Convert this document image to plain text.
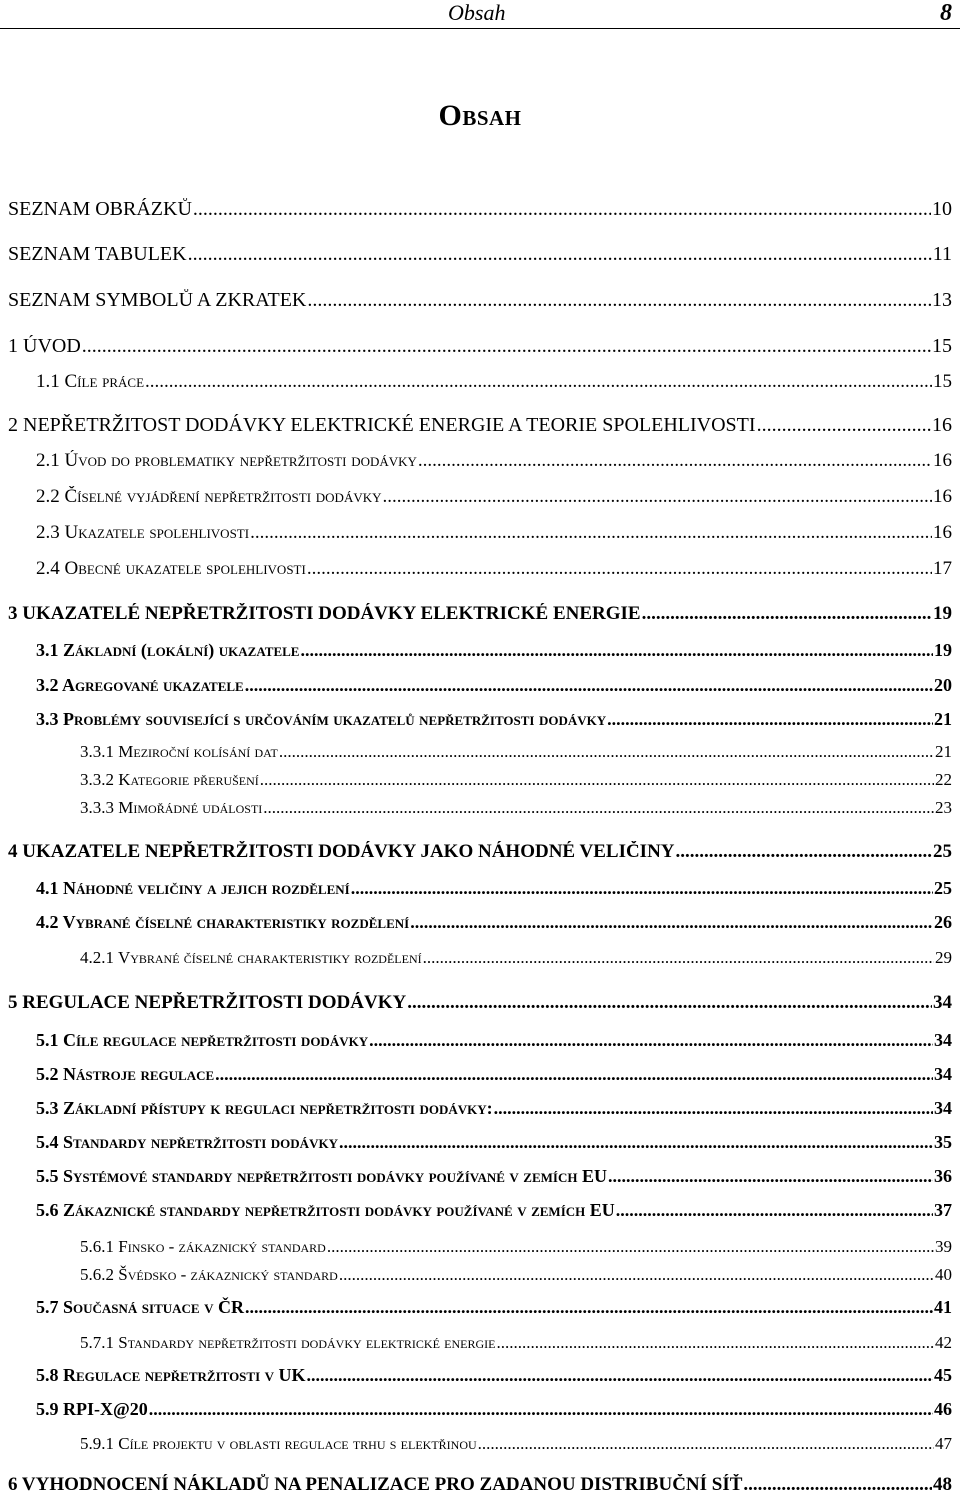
Obsah	8
Obsah
SEZNAM OBRÁZKŮ .....	10
SEZNAM TABULEK .....	11
SEZNAM SYMBOLŮ A ZKRATEK .....	13
1 ÚVOD .....	15
1.1 Cíle práce .....	15
2 NEPŘETRŽITOST DODÁVKY ELEKTRICKÉ ENERGIE A TEORIE SPOLEHLIVOSTI .....	16
2.1 Úvod do problematiky nepřetržitosti dodávky .....	16
2.2 Číselné vyjádření nepřetržitosti dodávky .....	16
2.3 Ukazatele spolehlivosti .....	16
2.4 Obecné ukazatele spolehlivosti .....	17
3 UKAZATELÉ NEPŘETRŽITOSTI DODÁVKY ELEKTRICKÉ ENERGIE .....	19
3.1 Základní (lokální) ukazatele .....	19
3.2 Agregované ukazatele .....	20
3.3 Problémy související s určováním ukazatelů nepřetržitosti dodávky .....	21
3.3.1 Meziroční kolísání dat .....	21
3.3.2 Kategorie přerušení .....	22
3.3.3 Mimořádné události .....	23
4 UKAZATELE NEPŘETRŽITOSTI DODÁVKY JAKO NÁHODNÉ VELIČINY .....	25
4.1 Náhodné veličiny a jejich rozdělení .....	25
4.2 Vybrané číselné charakteristiky rozdělení .....	26
4.2.1 Vybrané číselné charakteristiky rozdělení .....	29
5 REGULACE NEPŘETRŽITOSTI DODÁVKY .....	34
5.1 Cíle regulace nepřetržitosti dodávky .....	34
5.2 Nástroje regulace .....	34
5.3 Základní přístupy k regulaci nepřetržitosti dodávky: .....	34
5.4 Standardy nepřetržitosti dodávky .....	35
5.5 Systémové standardy nepřetržitosti dodávky používané v zemích EU .....	36
5.6 Zákaznické standardy nepřetržitosti dodávky používané v zemích EU .....	37
5.6.1 Finsko - zákaznický standard .....	39
5.6.2 Švédsko - zákaznický standard .....	40
5.7 Současná situace v ČR .....	41
5.7.1 Standardy nepřetržitosti dodávky elektrické energie .....	42
5.8 Regulace nepřetržitosti v UK .....	45
5.9 RPI-X@20 .....	46
5.9.1 Cíle projektu v oblasti regulace trhu s elektřinou .....	47
6 VYHODNOCENÍ NÁKLADŮ NA PENALIZACE PRO ZADANOU DISTRIBUČNÍ SÍŤ .....	48
